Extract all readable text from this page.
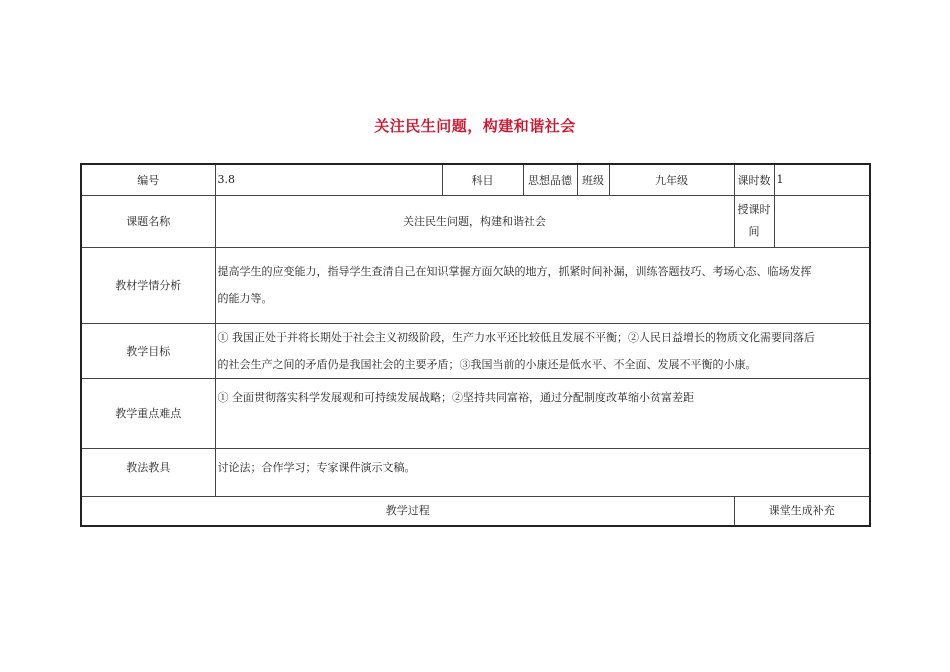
关注民生问题，构建和谐社会
编号	3.8	科目	思想品德	班级	九年级	课时数	1
课题名称	关注民生问题，构建和谐社会					授课时
间	

教材学情分析	提高学生的应变能力，指导学生查清自己在知识掌握方面欠缺的地方，抓紧时间补漏，训练答题技巧、考场心态、临场发挥
的能力等。						

教学目标	① 我国正处于并将长期处于社会主义初级阶段，生产力水平还比较低且发展不平衡；②人民日益增长的物质文化需要同落后
的社会生产之间的矛盾仍是我国社会的主要矛盾；③我国当前的小康还是低水平、不全面、发展不平衡的小康。						

教学重点难点	① 全面贯彻落实科学发展观和可持续发展战略；②坚持共同富裕，通过分配制度改革缩小贫富差距						
教法教具	讨论法；合作学习；专家课件演示文稿。						
教学过程						课堂生成补充	
